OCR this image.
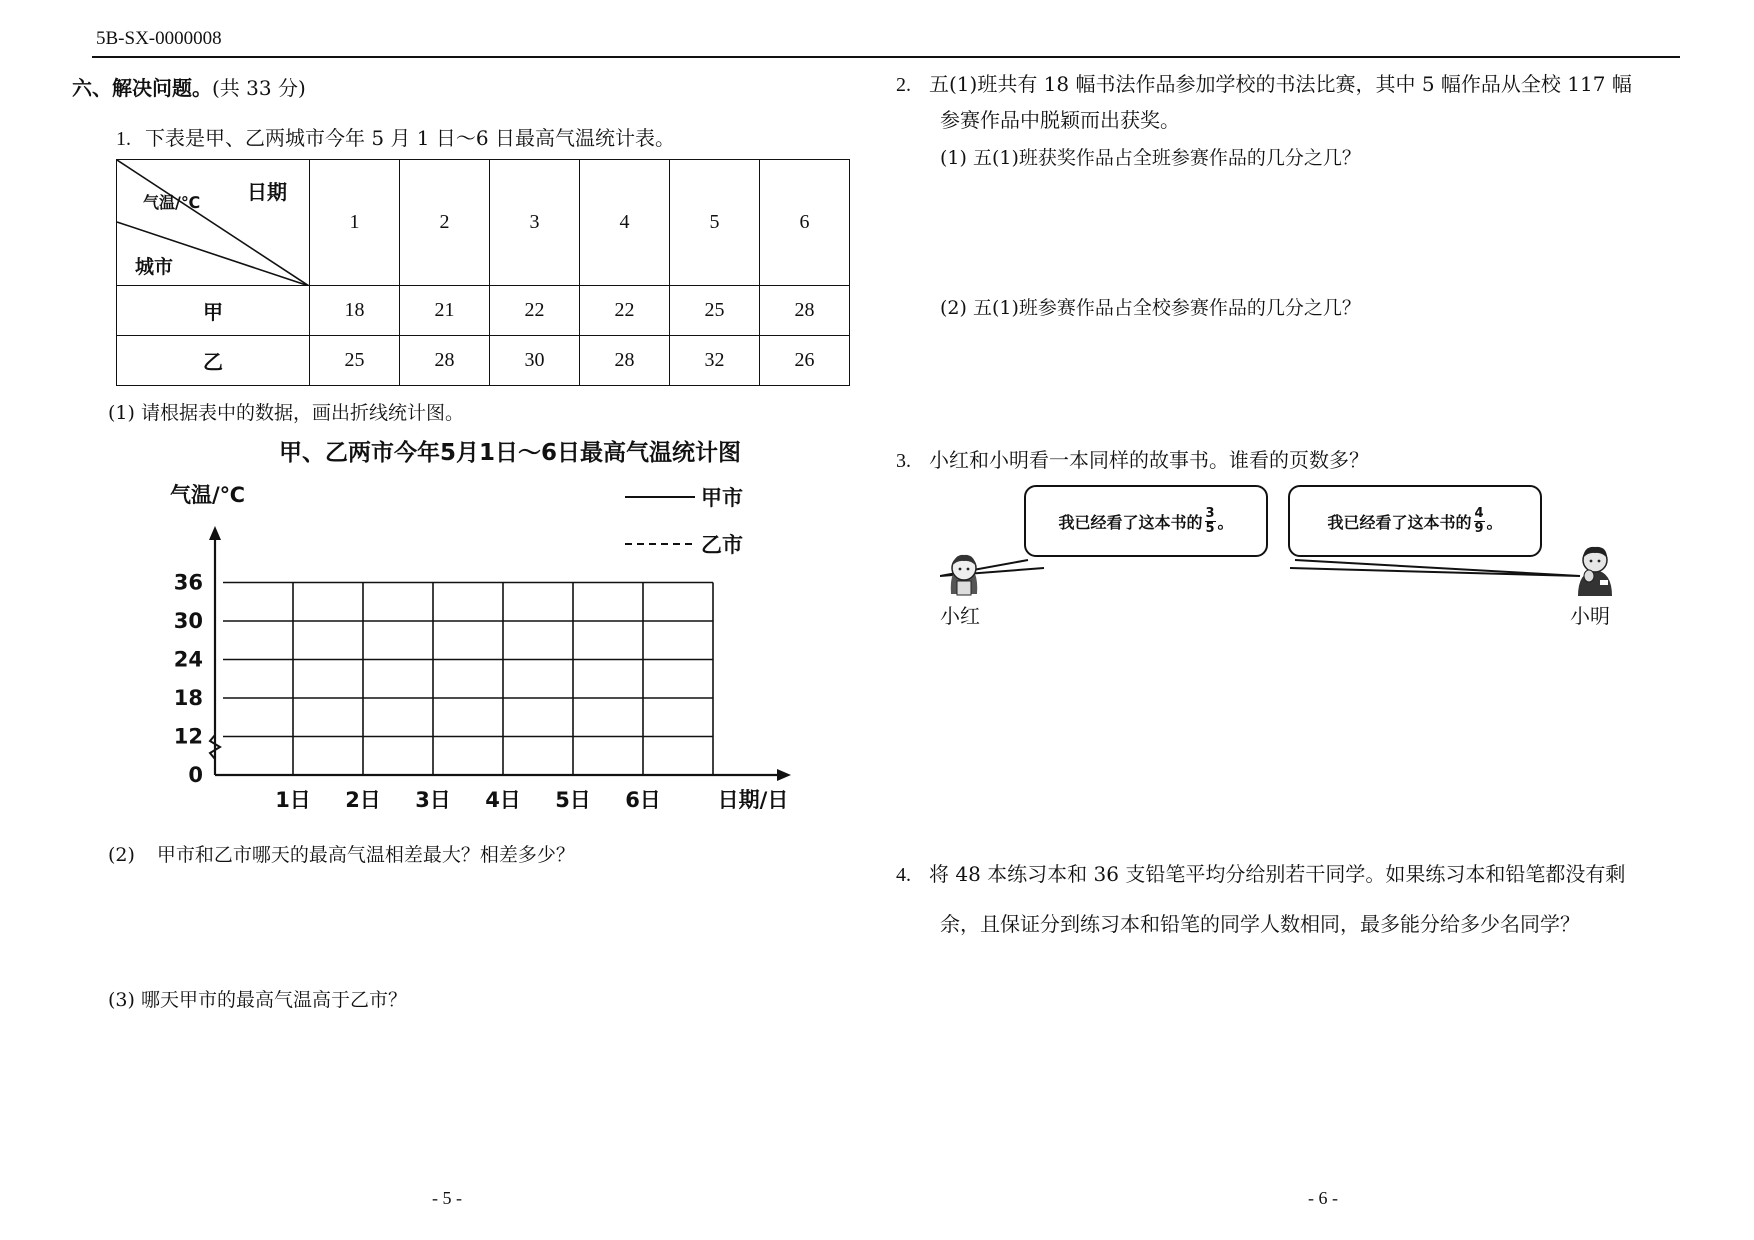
5B-SX-0000008
六、解决问题。(共 33 分)
1. 下表是甲、乙两城市今年 5 月 1 日～6 日最高气温统计表。
日期
气温/℃
城市	1	2	3	4	5	6
甲	18	21	22	22	25	28
乙	25	28	30	28	32	26
(1) 请根据表中的数据，画出折线统计图。
甲、乙两市今年5月1日～6日最高气温统计图
气温/℃	甲市
乙市
0
12
18
24
30
36
1日 2日 3日 4日 5日 6日	日期/日
(2) 甲市和乙市哪天的最高气温相差最大？相差多少？
(3) 哪天甲市的最高气温高于乙市？
2. 五(1)班共有 18 幅书法作品参加学校的书法比赛，其中 5 幅作品从全校 117 幅
参赛作品中脱颖而出获奖。
(1) 五(1)班获奖作品占全班参赛作品的几分之几？
(2) 五(1)班参赛作品占全校参赛作品的几分之几？
3. 小红和小明看一本同样的故事书。谁看的页数多？
我已经看了这本书的 $\frac{3}{5}$ 。	我已经看了这本书的 $\frac{4}{9}$ 。
小红	小明
4. 将 48 本练习本和 36 支铅笔平均分给别若干同学。如果练习本和铅笔都没有剩
余，且保证分到练习本和铅笔的同学人数相同，最多能分给多少名同学？
- 5 -	- 6 -
